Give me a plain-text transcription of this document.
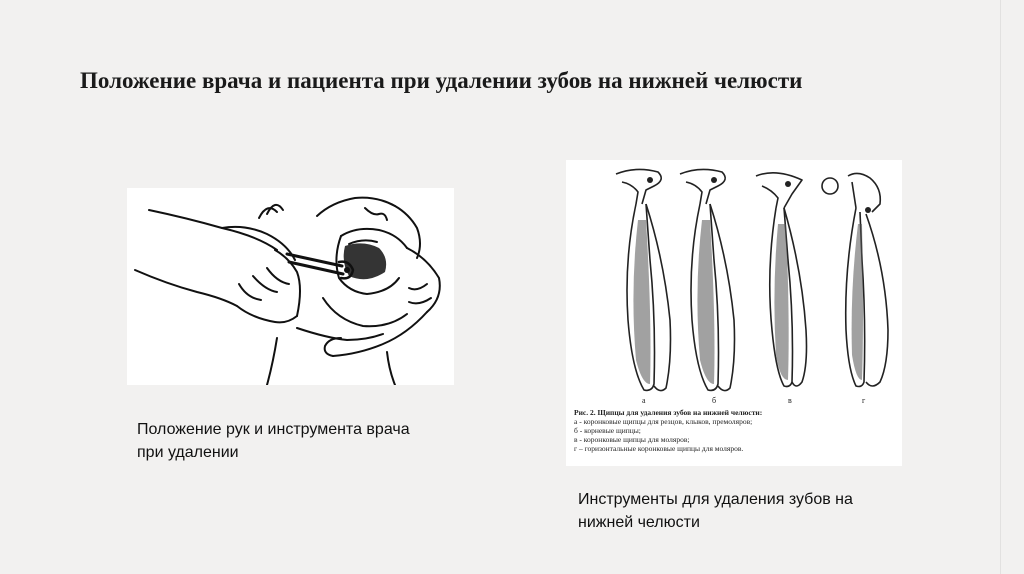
Положение врача и пациента при удалении зубов на нижней челюсти
а	б	в	г
Рис. 2. Щипцы для удаления зубов на нижней челюсти:
а - коронковые щипцы для резцов, клыков, премоляров;
б - корневые щипцы;
в - коронковые щипцы для моляров;
г – горизонтальные коронковые щипцы для моляров.
Положение рук и инструмента врача при удалении
Инструменты для удаления зубов на нижней челюсти
